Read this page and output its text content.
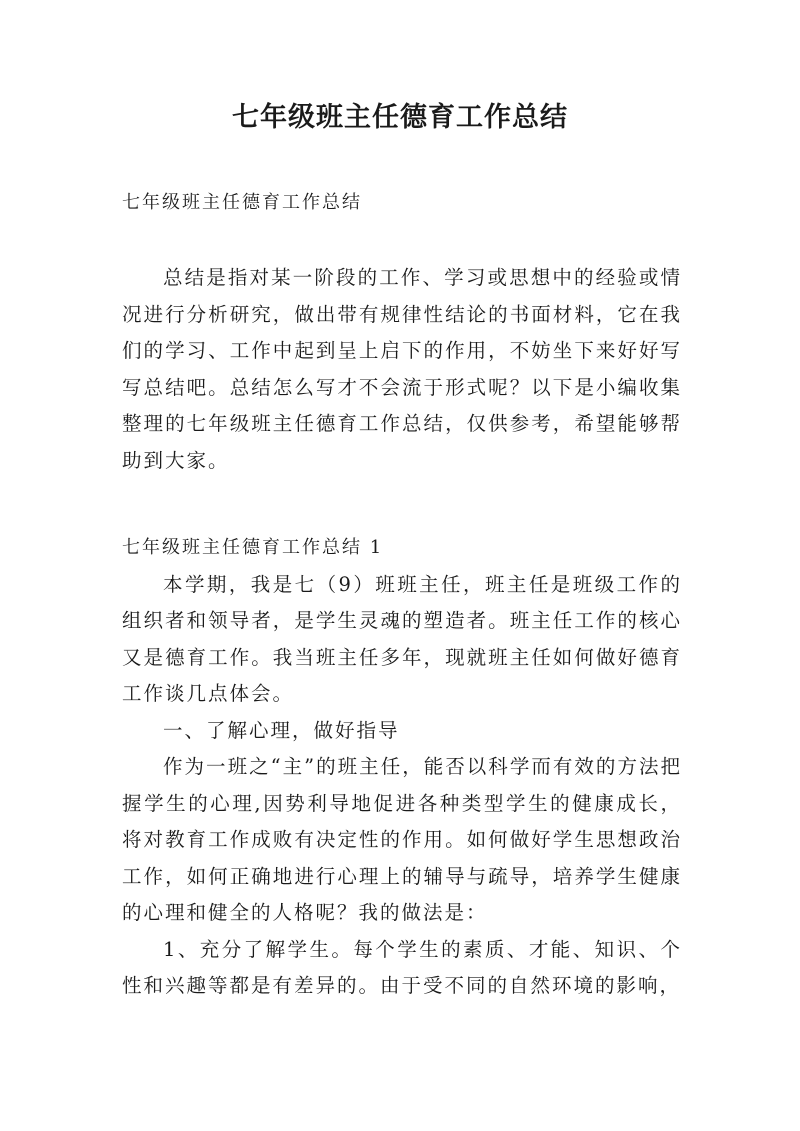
七年级班主任德育工作总结
七年级班主任德育工作总结

总结是指对某一阶段的工作、学习或思想中的经验或情况进行分析研究，做出带有规律性结论的书面材料，它在我们的学习、工作中起到呈上启下的作用，不妨坐下来好好写写总结吧。总结怎么写才不会流于形式呢？以下是小编收集整理的七年级班主任德育工作总结，仅供参考，希望能够帮助到大家。

七年级班主任德育工作总结 1

本学期，我是七（9）班班主任，班主任是班级工作的组织者和领导者，是学生灵魂的塑造者。班主任工作的核心又是德育工作。我当班主任多年，现就班主任如何做好德育工作谈几点体会。

一、了解心理，做好指导

作为一班之“主”的班主任，能否以科学而有效的方法把握学生的心理,因势利导地促进各种类型学生的健康成长，将对教育工作成败有决定性的作用。如何做好学生思想政治工作，如何正确地进行心理上的辅导与疏导，培养学生健康的心理和健全的人格呢？我的做法是：

1、充分了解学生。每个学生的素质、才能、知识、个性和兴趣等都是有差异的。由于受不同的自然环境的影响，
